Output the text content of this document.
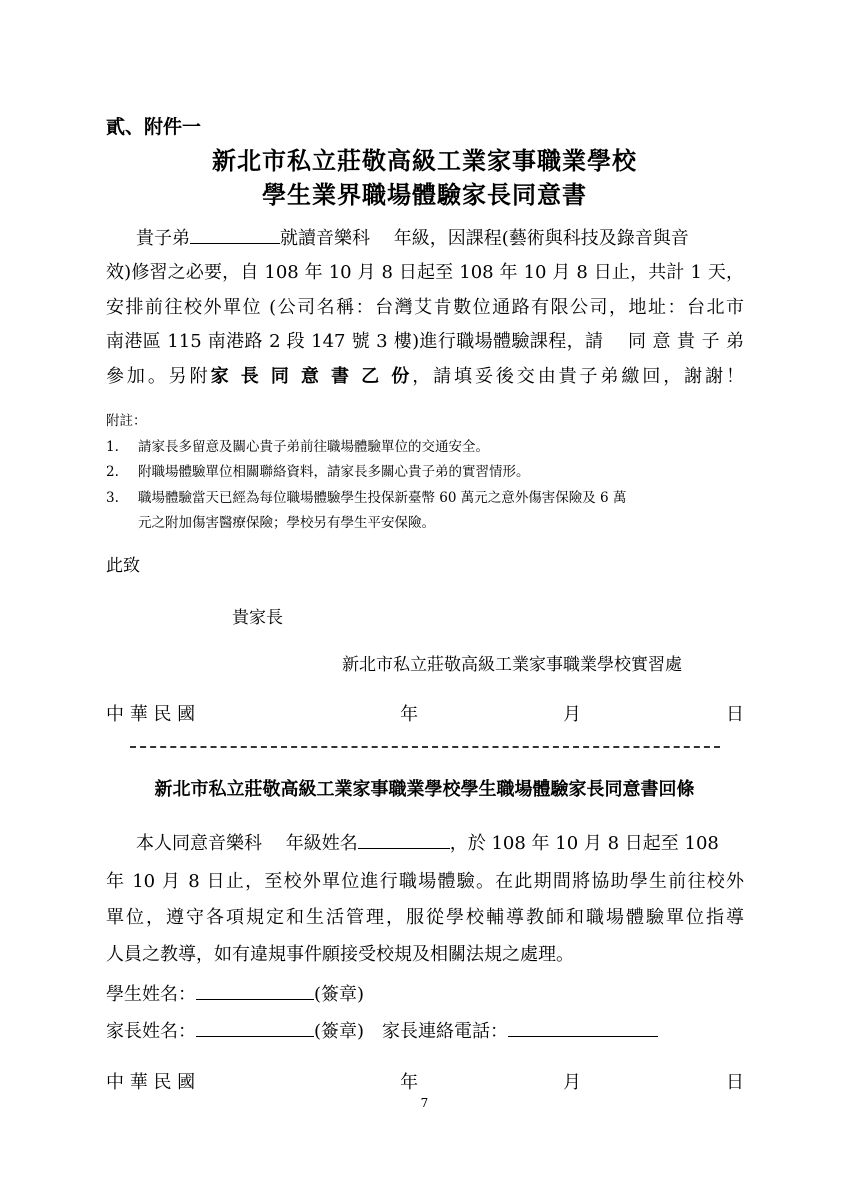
貳、附件一
新北市私立莊敬高級工業家事職業學校
學生業界職場體驗家長同意書
貴子弟	就讀音樂科　 年級，因課程(藝術與科技及錄音與音
效)修習之必要，自 108 年 10 月 8 日起至 108 年 10 月 8 日止，共計 1 天，
安排前往校外單位 (公司名稱：台灣艾肯數位通路有限公司，地址：台北市
南港區 115 南港路 2 段 147 號 3 樓)進行職場體驗課程，請　 同 意 貴 子 弟
參加。另附家 長 同 意 書 乙 份，請填妥後交由貴子弟繳回，謝謝！
附註：
1. 請家長多留意及關心貴子弟前往職場體驗單位的交通安全。
2. 附職場體驗單位相關聯絡資料，請家長多關心貴子弟的實習情形。
3. 職場體驗當天已經為每位職場體驗學生投保新臺幣 60 萬元之意外傷害保險及 6 萬
元之附加傷害醫療保險；學校另有學生平安保險。
此致
貴家長
新北市私立莊敬高級工業家事職業學校實習處
中 華 民 國	年	月	日
新北市私立莊敬高級工業家事職業學校學生職場體驗家長同意書回條
本人同意音樂科　 年級姓名	，於 108 年 10 月 8 日起至 108
年 10 月 8 日止，至校外單位進行職場體驗。在此期間將協助學生前往校外
單位，遵守各項規定和生活管理，服從學校輔導教師和職場體驗單位指導
人員之教導，如有違規事件願接受校規及相關法規之處理。
學生姓名：	(簽章)
家長姓名：	(簽章) 家長連絡電話：
中 華 民 國	年	月	日
7
